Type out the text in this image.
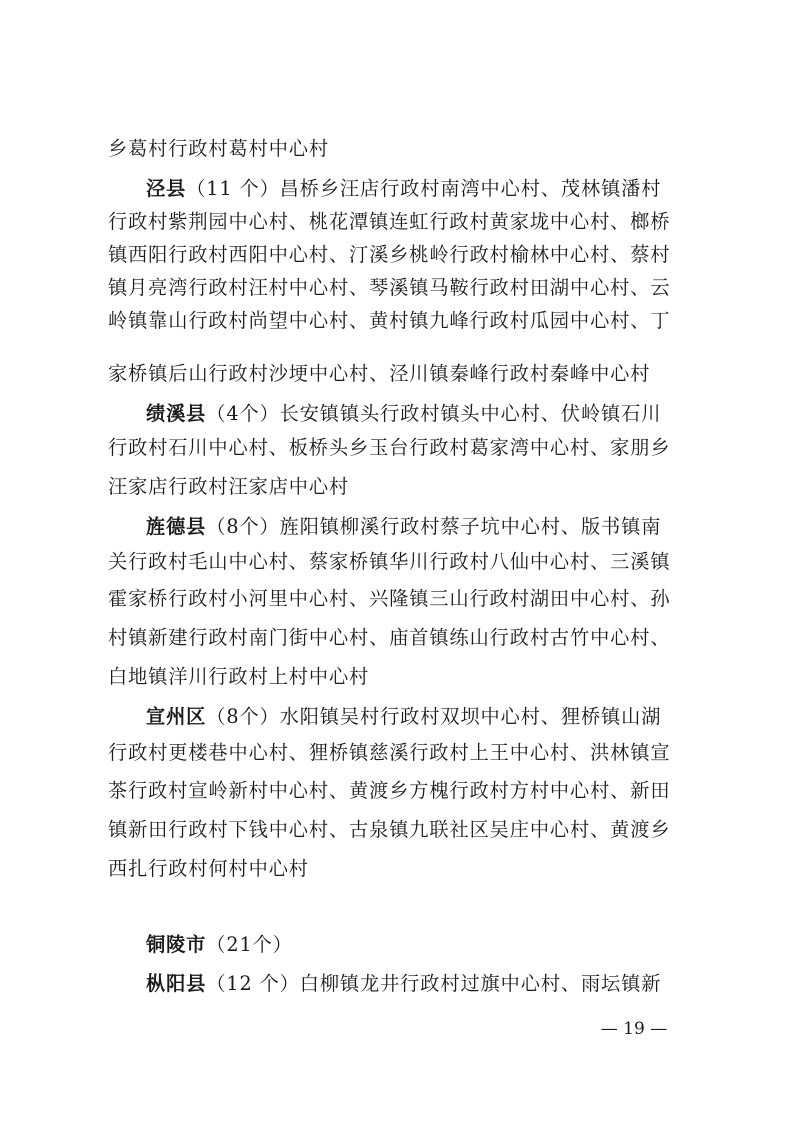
乡葛村行政村葛村中心村
泾县（11 个）昌桥乡汪店行政村南湾中心村、茂林镇潘村
行政村紫荆园中心村、桃花潭镇连虹行政村黄家垅中心村、榔桥
镇西阳行政村西阳中心村、汀溪乡桃岭行政村榆林中心村、蔡村
镇月亮湾行政村汪村中心村、琴溪镇马鞍行政村田湖中心村、云
岭镇靠山行政村尚望中心村、黄村镇九峰行政村瓜园中心村、丁
家桥镇后山行政村沙埂中心村、泾川镇秦峰行政村秦峰中心村
绩溪县（4个）长安镇镇头行政村镇头中心村、伏岭镇石川
行政村石川中心村、板桥头乡玉台行政村葛家湾中心村、家朋乡
汪家店行政村汪家店中心村
旌德县（8个）旌阳镇柳溪行政村蔡子坑中心村、版书镇南
关行政村毛山中心村、蔡家桥镇华川行政村八仙中心村、三溪镇
霍家桥行政村小河里中心村、兴隆镇三山行政村湖田中心村、孙
村镇新建行政村南门街中心村、庙首镇练山行政村古竹中心村、
白地镇洋川行政村上村中心村
宣州区（8个）水阳镇吴村行政村双坝中心村、狸桥镇山湖
行政村更楼巷中心村、狸桥镇慈溪行政村上王中心村、洪林镇宣
茶行政村宣岭新村中心村、黄渡乡方槐行政村方村中心村、新田
镇新田行政村下钱中心村、古泉镇九联社区吴庄中心村、黄渡乡
西扎行政村何村中心村
铜陵市（21个）
枞阳县（12 个）白柳镇龙井行政村过旗中心村、雨坛镇新
— 19 —
